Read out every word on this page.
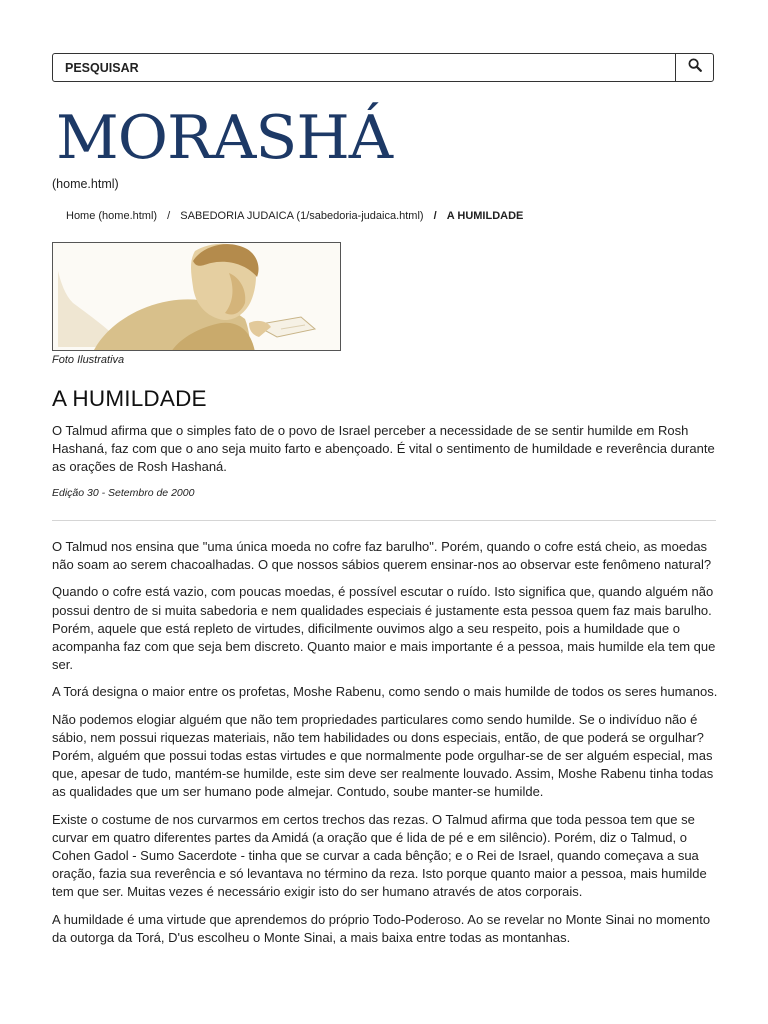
PESQUISAR
MORASHÁ
(home.html)
Home (home.html) / SABEDORIA JUDAICA (1/sabedoria-judaica.html) / A HUMILDADE
Foto Ilustrativa
A HUMILDADE

O Talmud afirma que o simples fato de o povo de Israel perceber a necessidade de se sentir humilde em Rosh Hashaná, faz com que o ano seja muito farto e abençoado. É vital o sentimento de humildade e reverência durante as orações de Rosh Hashaná.

Edição 30 - Setembro de 2000

O Talmud nos ensina que "uma única moeda no cofre faz barulho". Porém, quando o cofre está cheio, as moedas não soam ao serem chacoalhadas. O que nossos sábios querem ensinar-nos ao observar este fenômeno natural?

Quando o cofre está vazio, com poucas moedas, é possível escutar o ruído. Isto significa que, quando alguém não possui dentro de si muita sabedoria e nem qualidades especiais é justamente esta pessoa quem faz mais barulho. Porém, aquele que está repleto de virtudes, dificilmente ouvimos algo a seu respeito, pois a humildade que o acompanha faz com que seja bem discreto. Quanto maior e mais importante é a pessoa, mais humilde ela tem que ser.

A Torá designa o maior entre os profetas, Moshe Rabenu, como sendo o mais humilde de todos os seres humanos.

Não podemos elogiar alguém que não tem propriedades particulares como sendo humilde. Se o indivíduo não é sábio, nem possui riquezas materiais, não tem habilidades ou dons especiais, então, de que poderá se orgulhar? Porém, alguém que possui todas estas virtudes e que normalmente pode orgulhar-se de ser alguém especial, mas que, apesar de tudo, mantém-se humilde, este sim deve ser realmente louvado. Assim, Moshe Rabenu tinha todas as qualidades que um ser humano pode almejar. Contudo, soube manter-se humilde.

Existe o costume de nos curvarmos em certos trechos das rezas. O Talmud afirma que toda pessoa tem que se curvar em quatro diferentes partes da Amidá (a oração que é lida de pé e em silêncio). Porém, diz o Talmud, o Cohen Gadol - Sumo Sacerdote - tinha que se curvar a cada bênção; e o Rei de Israel, quando começava a sua oração, fazia sua reverência e só levantava no término da reza. Isto porque quanto maior a pessoa, mais humilde tem que ser. Muitas vezes é necessário exigir isto do ser humano através de atos corporais.

A humildade é uma virtude que aprendemos do próprio Todo-Poderoso. Ao se revelar no Monte Sinai no momento da outorga da Torá, D'us escolheu o Monte Sinai, a mais baixa entre todas as montanhas.
